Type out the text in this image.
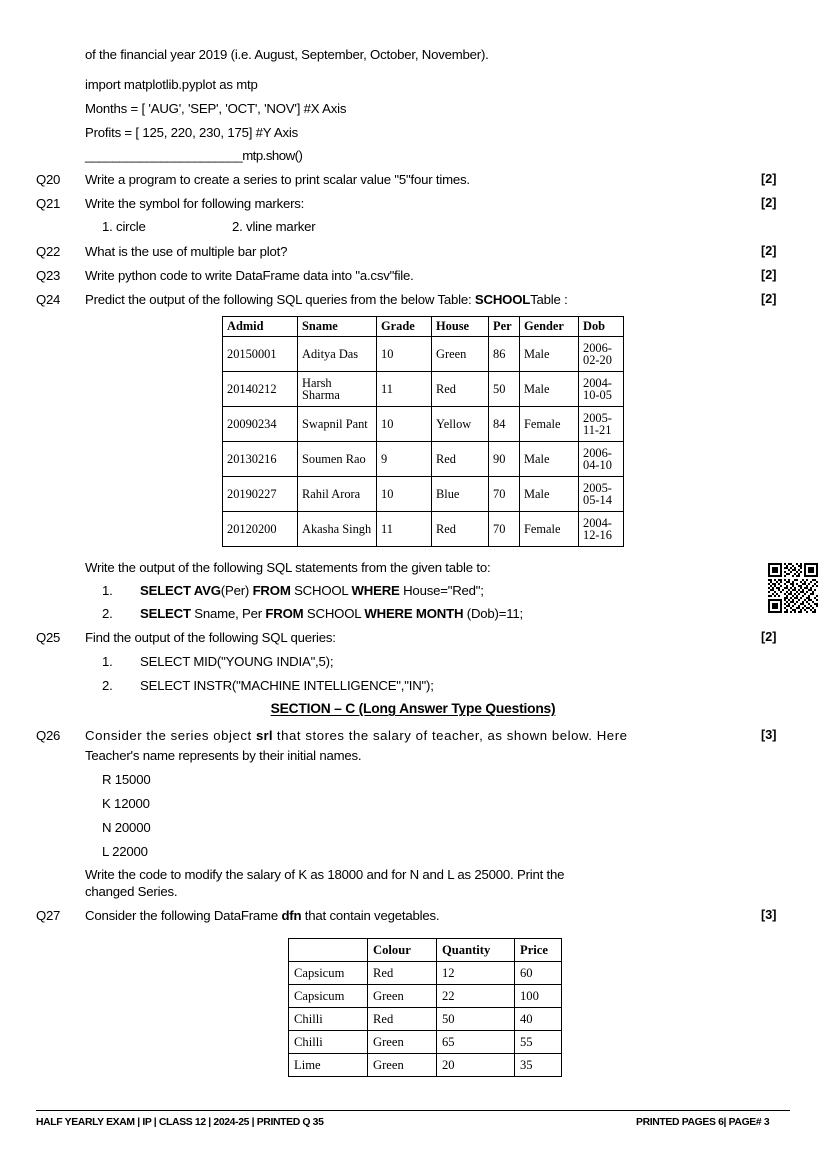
of the financial year 2019 (i.e. August, September, October, November).
import matplotlib.pyplot as mtp
Months = [ 'AUG', 'SEP', 'OCT', 'NOV'] #X Axis
Profits = [ 125, 220, 230, 175] #Y Axis
_______________________mtp.show()
Q20 Write a program to create a series to print scalar value "5"four times.	[2]
Q21 Write the symbol for following markers:	[2]
1. circle	2. vline marker
Q22 What is the use of multiple bar plot?	[2]
Q23 Write python code to write DataFrame data into "a.csv"file.	[2]
Q24 Predict the output of the following SQL queries from the below Table: SCHOOLTable :	[2]
Admid	Sname	Grade	House	Per	Gender	Dob
20150001	Aditya Das	10	Green	86	Male	2006-02-20
20140212	Harsh Sharma	11	Red	50	Male	2004-10-05
20090234	Swapnil Pant	10	Yellow	84	Female	2005-11-21
20130216	Soumen Rao	9	Red	90	Male	2006-04-10
20190227	Rahil Arora	10	Blue	70	Male	2005-05-14
20120200	Akasha Singh	11	Red	70	Female	2004-12-16
Write the output of the following SQL statements from the given table to:
1. SELECT AVG(Per) FROM SCHOOL WHERE House="Red";
2. SELECT Sname, Per FROM SCHOOL WHERE MONTH (Dob)=11;
Q25 Find the output of the following SQL queries:	[2]
1. SELECT MID("YOUNG INDIA",5);
2. SELECT INSTR("MACHINE INTELLIGENCE","IN");
SECTION – C (Long Answer Type Questions)
Q26 Consider the series object srl that stores the salary of teacher, as shown below. Here	[3]
Teacher's name represents by their initial names.
R 15000
K 12000
N 20000
L 22000
Write the code to modify the salary of K as 18000 and for N and L as 25000. Print the
changed Series.
Q27 Consider the following DataFrame dfn that contain vegetables.	[3]
	Colour	Quantity	Price
Capsicum	Red	12	60
Capsicum	Green	22	100
Chilli	Red	50	40
Chilli	Green	65	55
Lime	Green	20	35
HALF YEARLY EXAM | IP | CLASS 12 | 2024-25 | PRINTED Q 35	PRINTED PAGES 6| PAGE# 3
